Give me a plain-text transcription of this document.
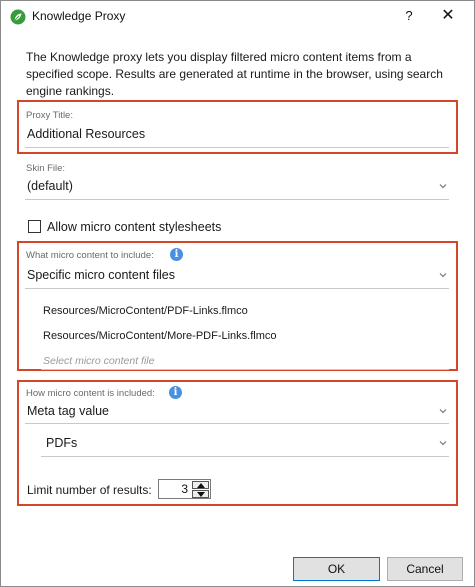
Knowledge Proxy	?	✕
The Knowledge proxy lets you display filtered micro content items from a specified scope. Results are generated at runtime in the browser, using search engine rankings.
Proxy Title:
Additional Resources
Skin File:
(default)
Allow micro content stylesheets
What micro content to include:	i
Specific micro content files
Resources/MicroContent/PDF-Links.flmco
Resources/MicroContent/More-PDF-Links.flmco
Select micro content file
How micro content is included:	i
Meta tag value
PDFs
Limit number of results: 3
OK	Cancel
